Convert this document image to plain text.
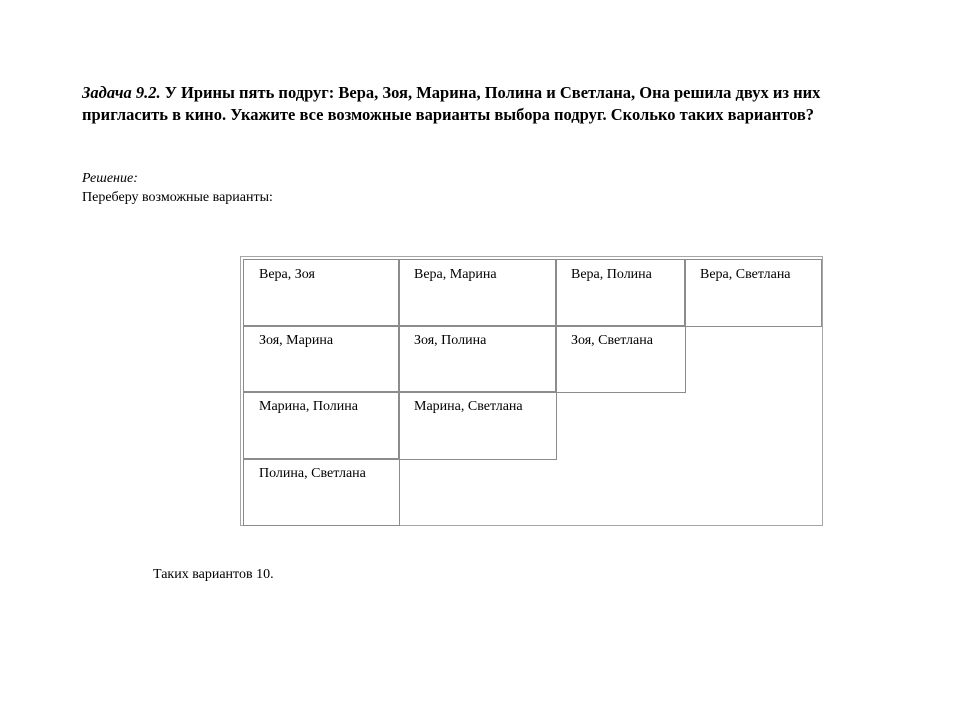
Задача 9.2. У Ирины пять подруг: Вера, Зоя, Марина, Полина и Светлана, Она решила двух из них пригласить в кино. Укажите все возможные варианты выбора подруг. Сколько таких вариантов?
Решение:
Переберу возможные варианты:
Вера, Зоя	Вера, Марина	Вера, Полина	Вера, Светлана
Зоя, Марина	Зоя, Полина	Зоя, Светлана
Марина, Полина	Марина, Светлана
Полина, Светлана
Таких вариантов 10.
